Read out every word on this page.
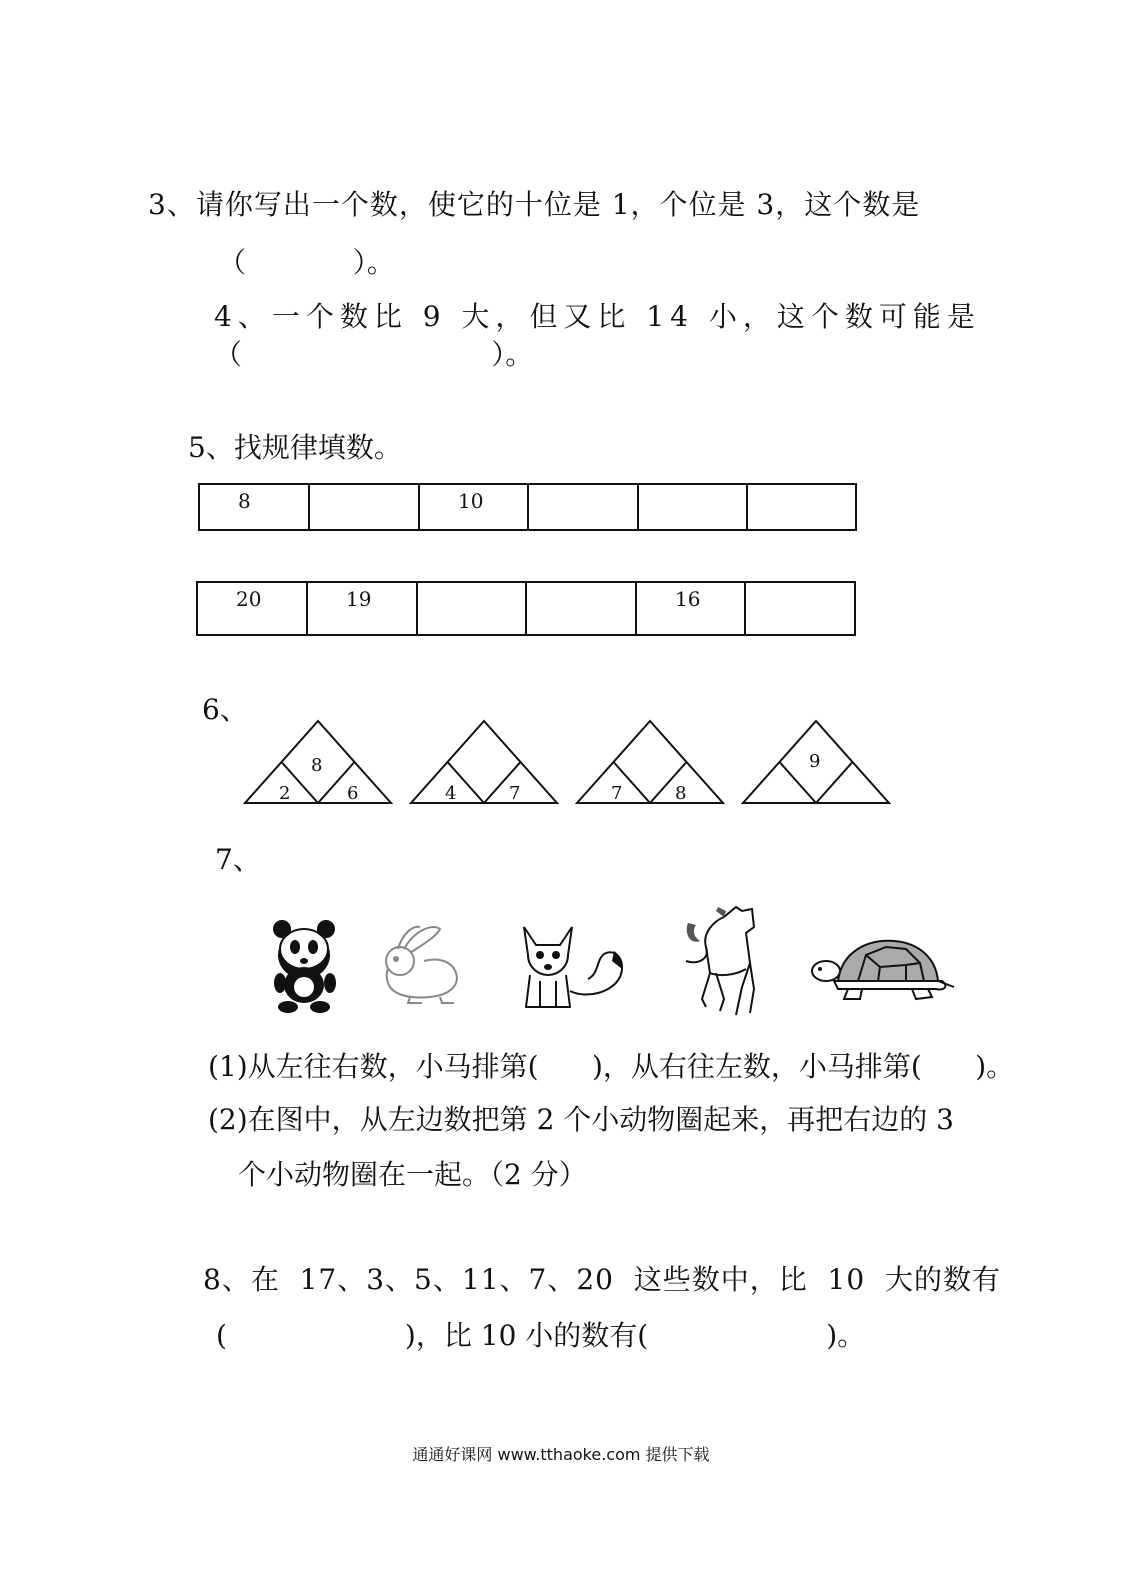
3、请你写出一个数，使它的十位是 1，个位是 3，这个数是
（            ）。
4、一个数比 9 大，但又比 14 小，这个数可能是
（                            ）。
5、找规律填数。
8		10			
20	19			16	
6、
8
2	6	4	7	7	8
9
7、
(1)从左往右数，小马排第(      )，从右往左数，小马排第(      )。
(2)在图中，从左边数把第 2 个小动物圈起来，再把右边的 3
个小动物圈在一起。（2 分）
8、在  17、3、5、11、7、20  这些数中，比  10  大的数有
(                    )，比 10 小的数有(                    )。
通通好课网 www.tthaoke.com 提供下载
